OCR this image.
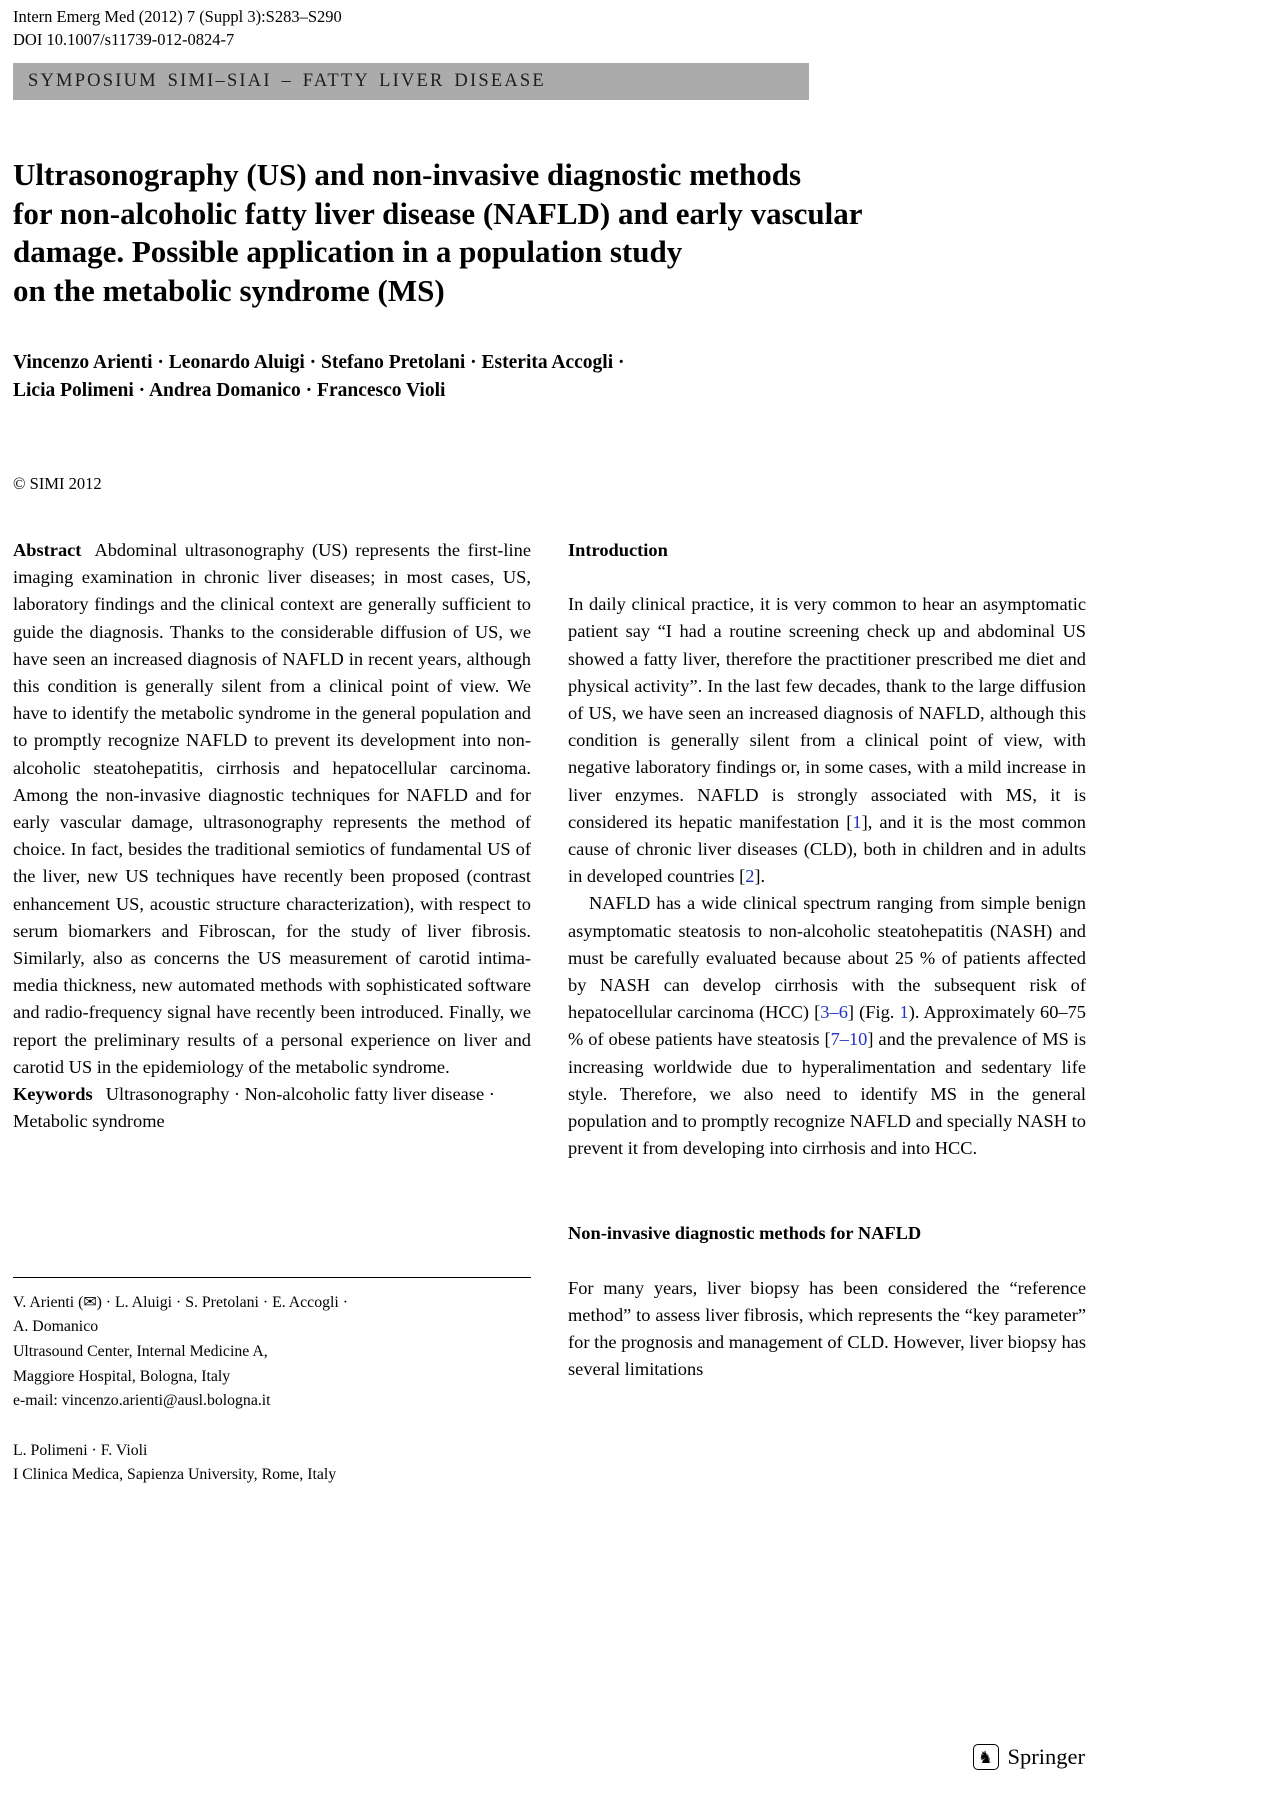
Intern Emerg Med (2012) 7 (Suppl 3):S283–S290
DOI 10.1007/s11739-012-0824-7
SYMPOSIUM SIMI–SIAI – FATTY LIVER DISEASE
Ultrasonography (US) and non-invasive diagnostic methods
for non-alcoholic fatty liver disease (NAFLD) and early vascular
damage. Possible application in a population study
on the metabolic syndrome (MS)
Vincenzo Arienti · Leonardo Aluigi · Stefano Pretolani · Esterita Accogli ·
Licia Polimeni · Andrea Domanico · Francesco Violi
© SIMI 2012

Abstract Abdominal ultrasonography (US) represents the first-line imaging examination in chronic liver diseases; in most cases, US, laboratory findings and the clinical context are generally sufficient to guide the diagnosis. Thanks to the considerable diffusion of US, we have seen an increased diagnosis of NAFLD in recent years, although this condition is generally silent from a clinical point of view. We have to identify the metabolic syndrome in the general population and to promptly recognize NAFLD to prevent its development into non-alcoholic steatohepatitis, cirrhosis and hepatocellular carcinoma. Among the non-invasive diagnostic techniques for NAFLD and for early vascular damage, ultrasonography represents the method of choice. In fact, besides the traditional semiotics of fundamental US of the liver, new US techniques have recently been proposed (contrast enhancement US, acoustic structure characterization), with respect to serum biomarkers and Fibroscan, for the study of liver fibrosis. Similarly, also as concerns the US measurement of carotid intima-media thickness, new automated methods with sophisticated software and radio-frequency signal have recently been introduced. Finally, we report the preliminary results of a personal experience on liver and carotid US in the epidemiology of the metabolic syndrome.

Keywords Ultrasonography · Non-alcoholic fatty liver disease · Metabolic syndrome

V. Arienti (✉) · L. Aluigi · S. Pretolani · E. Accogli ·
A. Domanico
Ultrasound Center, Internal Medicine A,
Maggiore Hospital, Bologna, Italy
e-mail: vincenzo.arienti@ausl.bologna.it
L. Polimeni · F. Violi
I Clinica Medica, Sapienza University, Rome, Italy
Introduction

In daily clinical practice, it is very common to hear an asymptomatic patient say “I had a routine screening check up and abdominal US showed a fatty liver, therefore the practitioner prescribed me diet and physical activity”. In the last few decades, thank to the large diffusion of US, we have seen an increased diagnosis of NAFLD, although this condition is generally silent from a clinical point of view, with negative laboratory findings or, in some cases, with a mild increase in liver enzymes. NAFLD is strongly associated with MS, it is considered its hepatic manifestation [1], and it is the most common cause of chronic liver diseases (CLD), both in children and in adults in developed countries [2].

NAFLD has a wide clinical spectrum ranging from simple benign asymptomatic steatosis to non-alcoholic steatohepatitis (NASH) and must be carefully evaluated because about 25 % of patients affected by NASH can develop cirrhosis with the subsequent risk of hepatocellular carcinoma (HCC) [3–6] (Fig. 1). Approximately 60–75 % of obese patients have steatosis [7–10] and the prevalence of MS is increasing worldwide due to hyperalimentation and sedentary life style. Therefore, we also need to identify MS in the general population and to promptly recognize NAFLD and specially NASH to prevent it from developing into cirrhosis and into HCC.

Non-invasive diagnostic methods for NAFLD

For many years, liver biopsy has been considered the “reference method” to assess liver fibrosis, which represents the “key parameter” for the prognosis and management of CLD. However, liver biopsy has several limitations

♞ Springer
